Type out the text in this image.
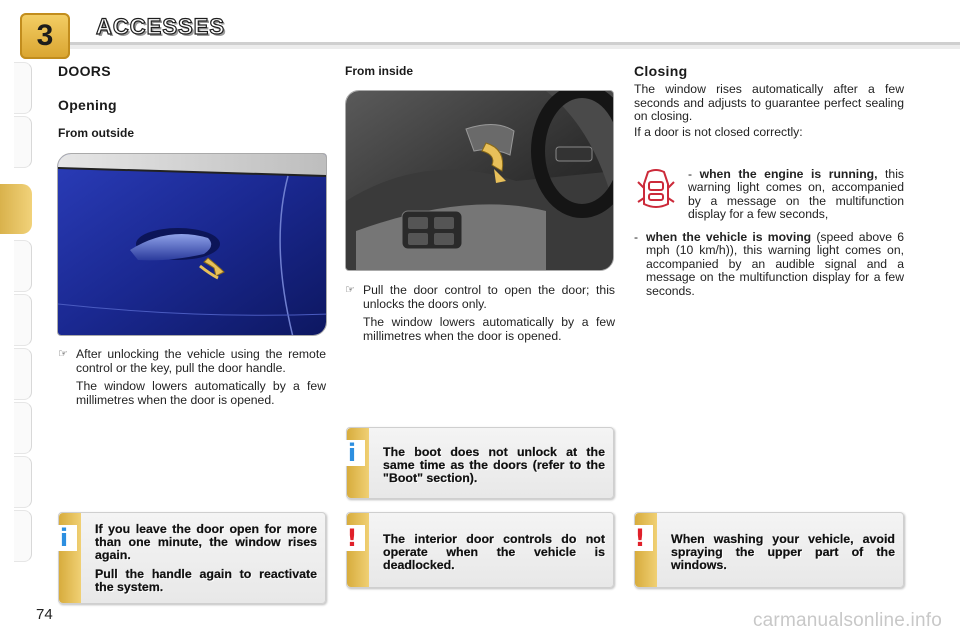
3	ACCESSES
DOORS
Opening
From outside
☞ After unlocking the vehicle using the remote control or the key, pull the door handle.

The window lowers automatically by a few millimetres when the door is opened.

From inside
☞ Pull the door control to open the door; this unlocks the doors only.

The window lowers automatically by a few millimetres when the door is opened.

Closing
The window rises automatically after a few seconds and adjusts to guarantee perfect sealing on closing.
If a door is not closed correctly:
- when the engine is running, this warning light comes on, accompanied by a message on the multifunction display for a few seconds,
- when the vehicle is moving (speed above 6 mph (10 km/h)), this warning light comes on, accompanied by an audible signal and a message on the multifunction display for a few seconds.
i	The boot does not unlock at the same time as the doors (refer to the "Boot" section).
i	If you leave the door open for more than one minute, the window rises again.

Pull the handle again to reactivate the system.

!	The interior door controls do not operate when the vehicle is deadlocked.
!	When washing your vehicle, avoid spraying the upper part of the windows.
74	carmanualsonline.info
